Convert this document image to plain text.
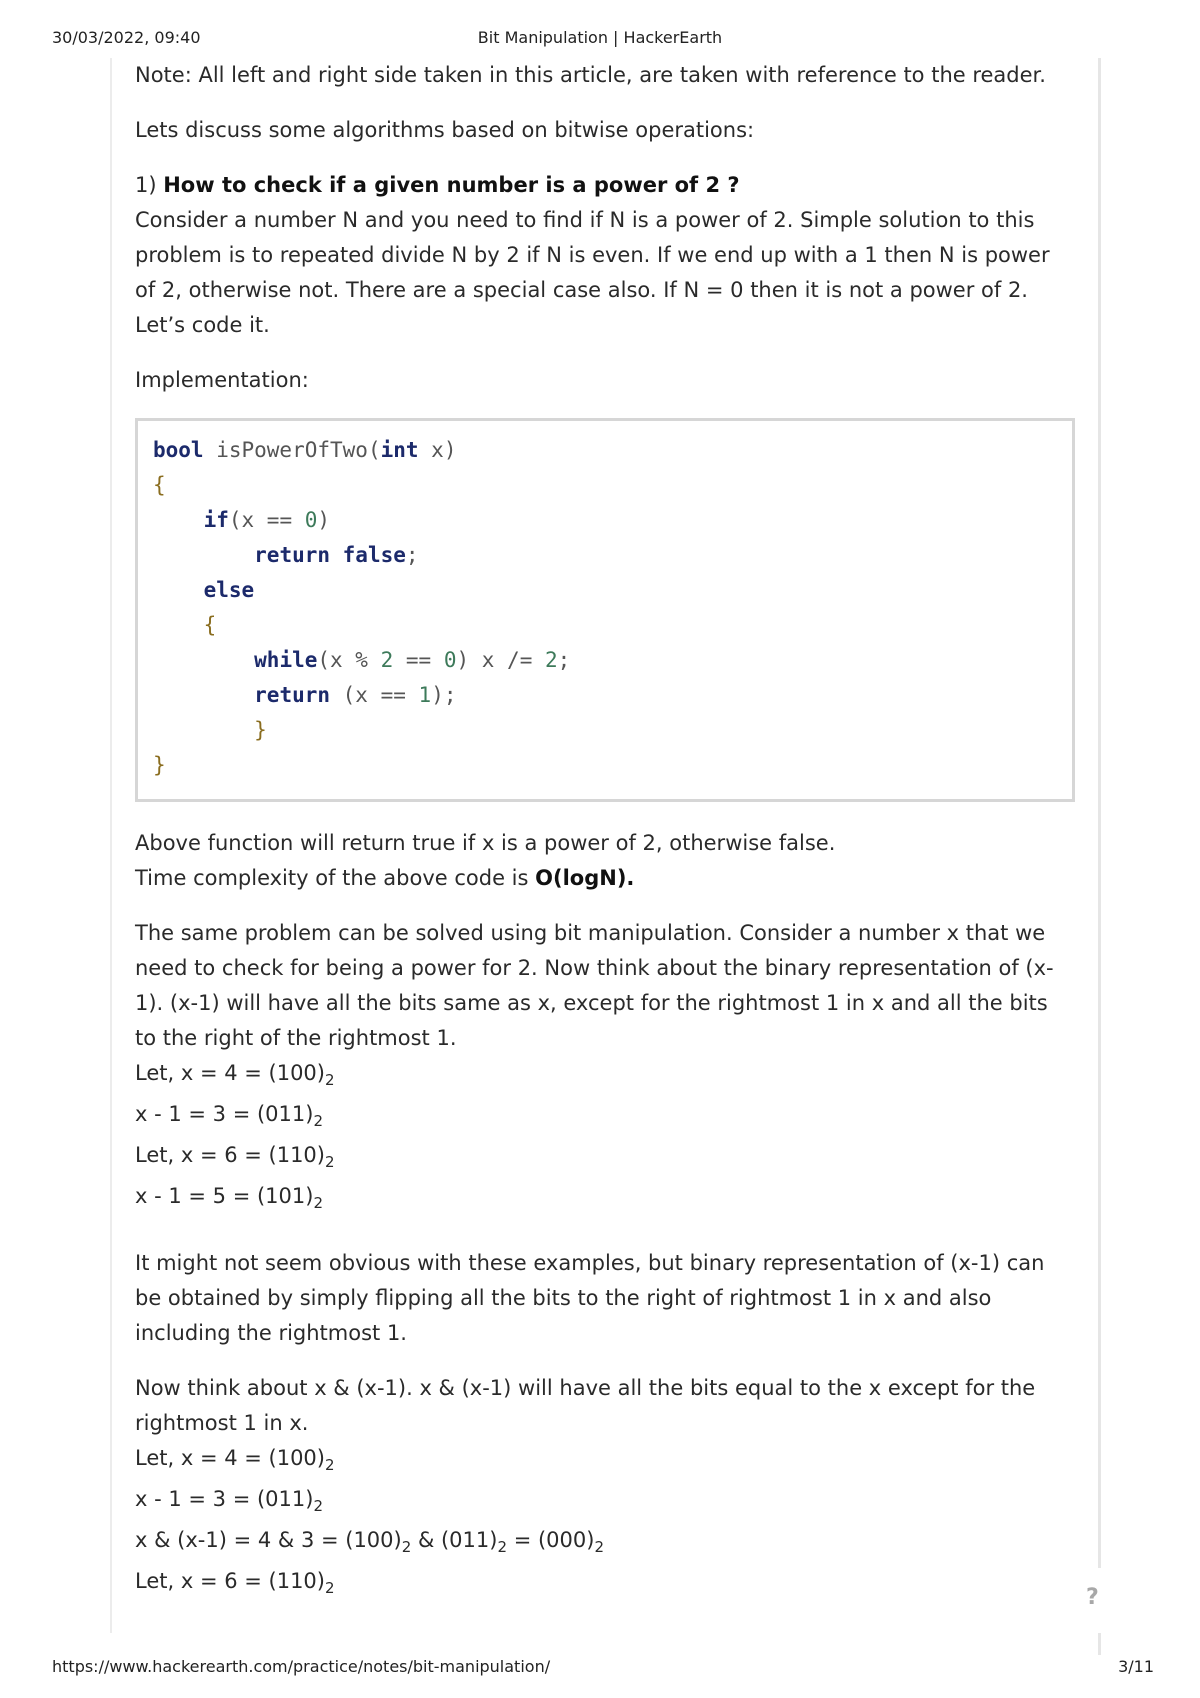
30/03/2022, 09:40	Bit Manipulation | HackerEarth
?

Note: All left and right side taken in this article, are taken with reference to the reader.

Lets discuss some algorithms based on bitwise operations:

1) How to check if a given number is a power of 2 ?

Consider a number N and you need to find if N is a power of 2. Simple solution to this problem is to repeated divide N by 2 if N is even. If we end up with a 1 then N is power of 2, otherwise not. There are a special case also. If N = 0 then it is not a power of 2. Let’s code it.

Implementation:

bool isPowerOfTwo(int x)
{
if(x == 0)
return false;
else
{
while(x % 2 == 0) x /= 2;
return (x == 1);
}
}

Above function will return true if x is a power of 2, otherwise false.

Time complexity of the above code is O(logN).

The same problem can be solved using bit manipulation. Consider a number x that we need to check for being a power for 2. Now think about the binary representation of (x-1). (x-1) will have all the bits same as x, except for the rightmost 1 in x and all the bits to the right of the rightmost 1.

Let, $x = 4 = (100)_2$

$x - 1 = 3 = (011)_2$

Let, $x = 6 = (110)_2$

$x - 1 = 5 = (101)_2$

It might not seem obvious with these examples, but binary representation of (x-1) can be obtained by simply flipping all the bits to the right of rightmost 1 in x and also including the rightmost 1.

Now think about x & (x-1). x & (x-1) will have all the bits equal to the x except for the rightmost 1 in x.

Let, $x = 4 = (100)_2$

$x - 1 = 3 = (011)_2$

x & (x-1) = 4 & $3 = (100)_2$ & $(011)_2 = (000)_2$

Let, $x = 6 = (110)_2$

https://www.hackerearth.com/practice/notes/bit-manipulation/	3/11
